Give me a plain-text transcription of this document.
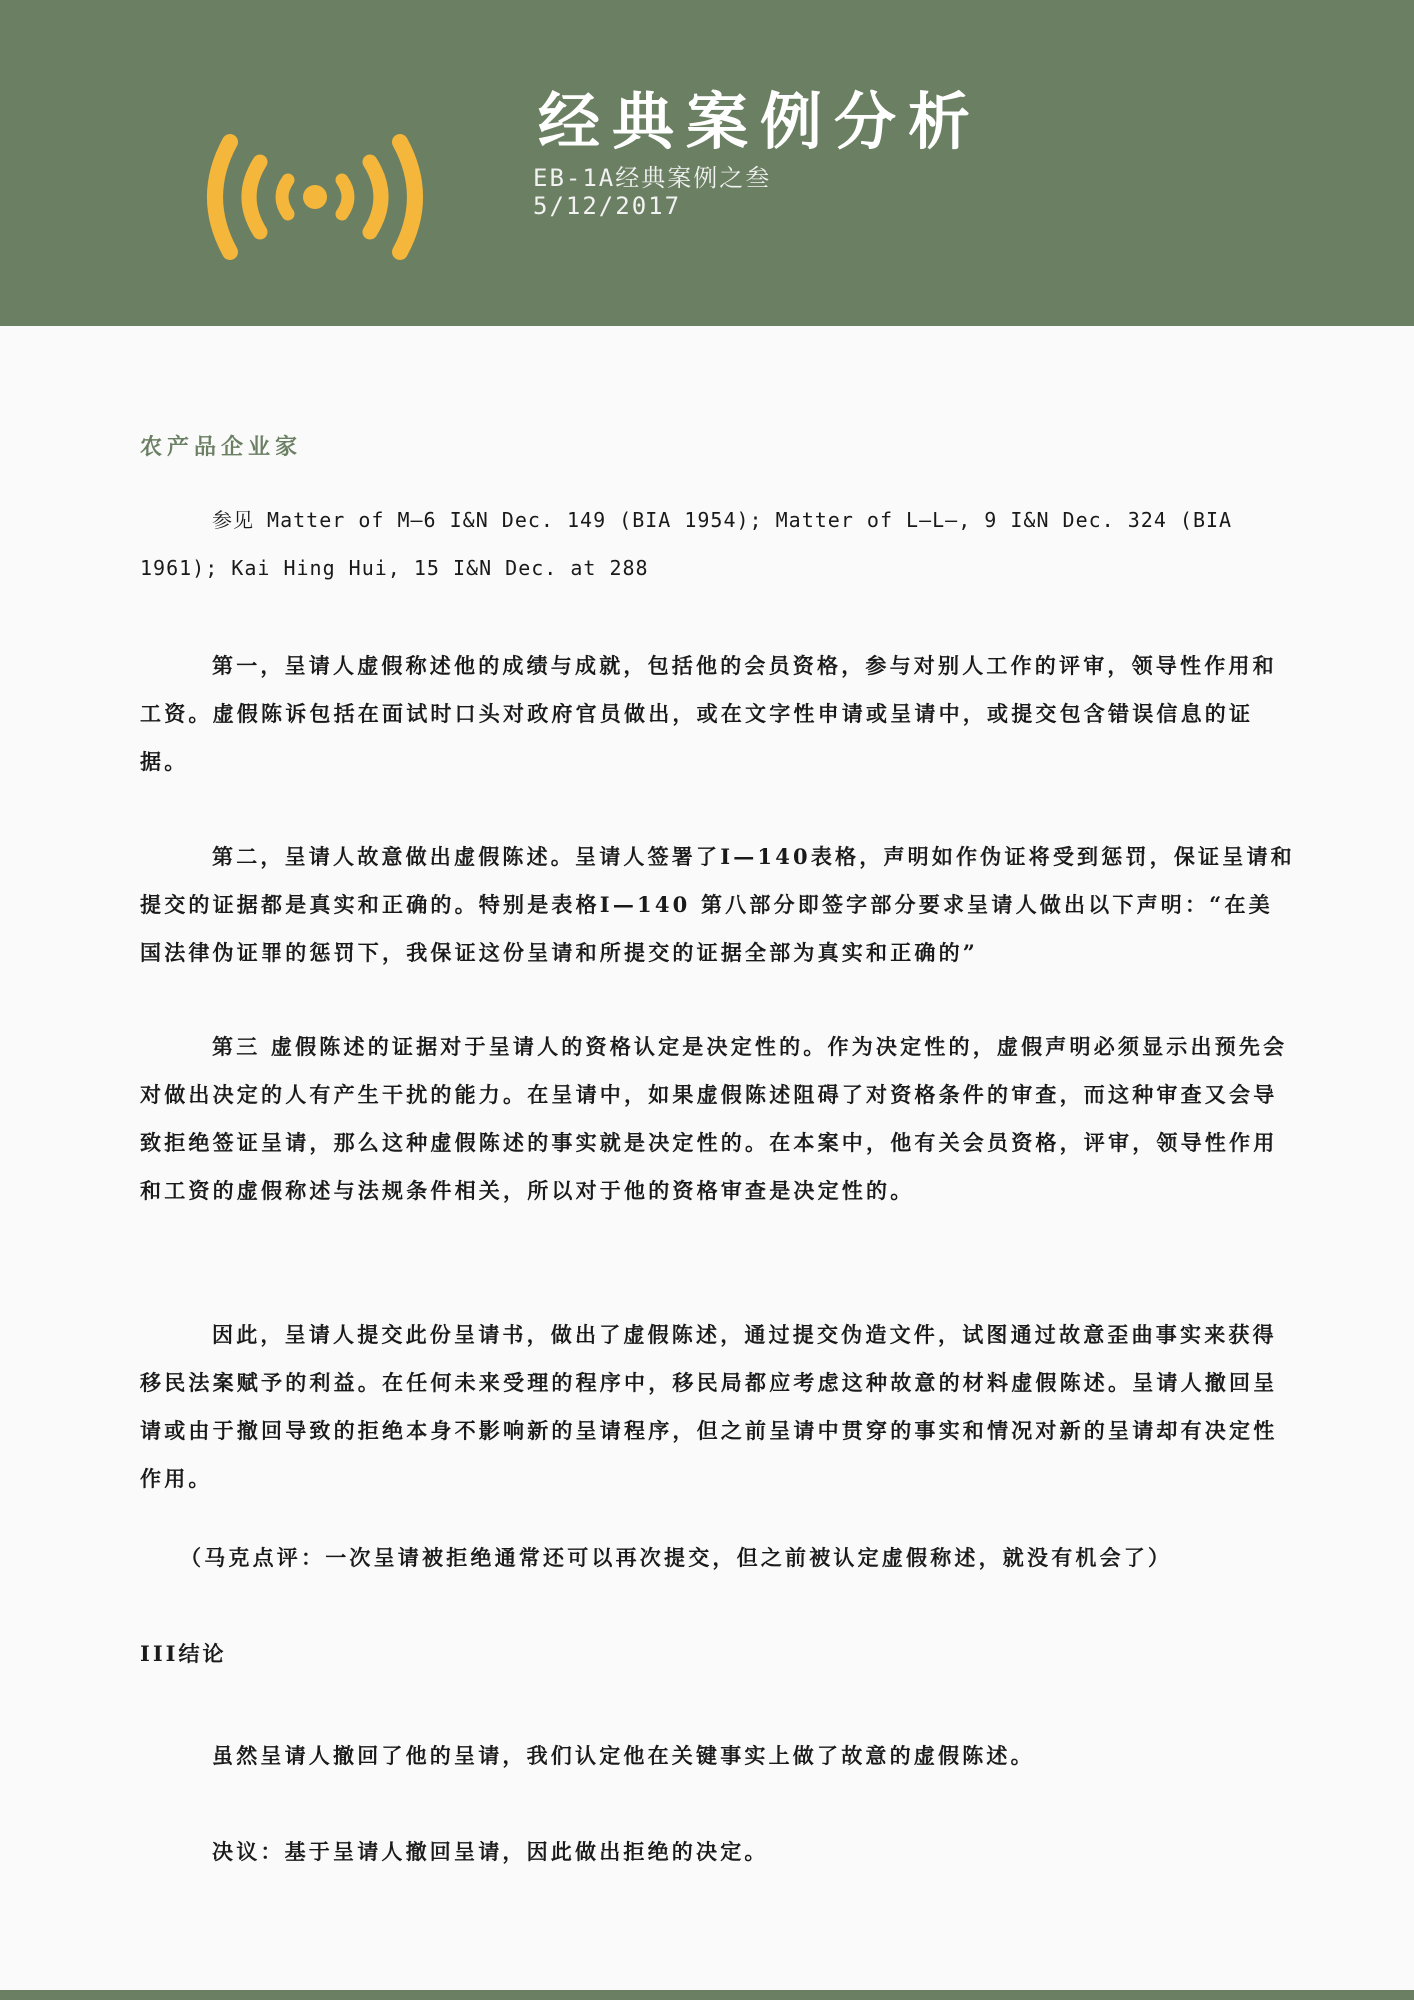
经典案例分析
EB-1A经典案例之叁
5/12/2017
农产品企业家

参见 Matter of M—6 I&N Dec. 149 (BIA 1954); Matter of L—L—, 9 I&N Dec. 324 (BIA 1961); Kai Hing Hui, 15 I&N Dec. at 288

第一，呈请人虚假称述他的成绩与成就，包括他的会员资格，参与对别人工作的评审，领导性作用和工资。虚假陈诉包括在面试时口头对政府官员做出，或在文字性申请或呈请中，或提交包含错误信息的证据。

第二，呈请人故意做出虚假陈述。呈请人签署了I—140表格，声明如作伪证将受到惩罚，保证呈请和提交的证据都是真实和正确的。特别是表格I—140 第八部分即签字部分要求呈请人做出以下声明：“在美国法律伪证罪的惩罚下，我保证这份呈请和所提交的证据全部为真实和正确的”

第三 虚假陈述的证据对于呈请人的资格认定是决定性的。作为决定性的，虚假声明必须显示出预先会对做出决定的人有产生干扰的能力。在呈请中，如果虚假陈述阻碍了对资格条件的审查，而这种审查又会导致拒绝签证呈请，那么这种虚假陈述的事实就是决定性的。在本案中，他有关会员资格，评审，领导性作用和工资的虚假称述与法规条件相关，所以对于他的资格审查是决定性的。

因此，呈请人提交此份呈请书，做出了虚假陈述，通过提交伪造文件，试图通过故意歪曲事实来获得移民法案赋予的利益。在任何未来受理的程序中，移民局都应考虑这种故意的材料虚假陈述。呈请人撤回呈请或由于撤回导致的拒绝本身不影响新的呈请程序，但之前呈请中贯穿的事实和情况对新的呈请却有决定性作用。

（马克点评：一次呈请被拒绝通常还可以再次提交，但之前被认定虚假称述，就没有机会了）
III结论

虽然呈请人撤回了他的呈请，我们认定他在关键事实上做了故意的虚假陈述。

决议：基于呈请人撤回呈请，因此做出拒绝的决定。
